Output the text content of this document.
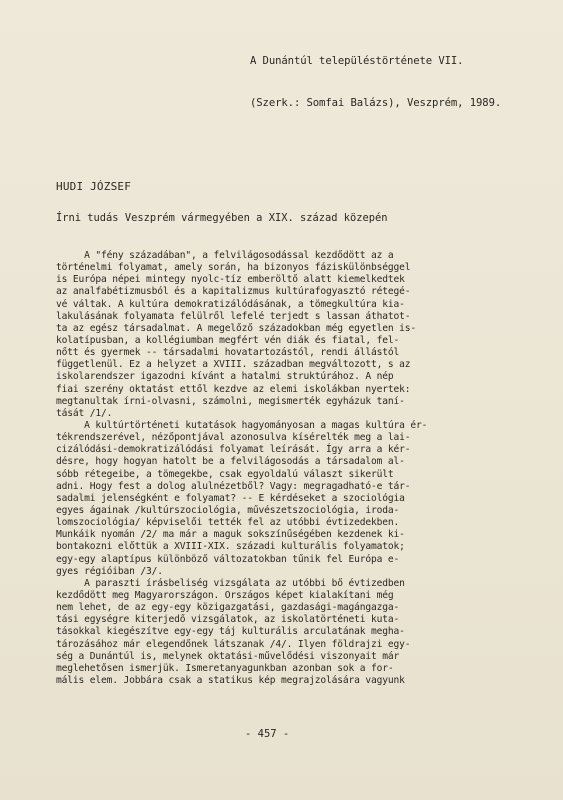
A Dunántúl településtörténete VII.

(Szerk.: Somfai Balázs), Veszprém, 1989.

HUDI JÓZSEF
Írni tudás Veszprém vármegyében a XIX. század közepén
A "fény századában", a felvilágosodással kezdődött az a
történelmi folyamat, amely során, ha bizonyos fáziskülönbséggel
is Európa népei mintegy nyolc-tíz emberöltő alatt kiemelkedtek
az analfabétizmusból és a kapitalizmus kultúrafogyasztó rétegé-
vé váltak. A kultúra demokratizálódásának, a tömegkultúra kia-
lakulásának folyamata felülről lefelé terjedt s lassan áthatot-
ta az egész társadalmat. A megelőző századokban még egyetlen is-
kolatípusban, a kollégiumban megfért vén diák és fiatal, fel-
nőtt és gyermek -- társadalmi hovatartozástól, rendi állástól
függetlenül. Ez a helyzet a XVIII. században megváltozott, s az
iskolarendszer igazodni kívánt a hatalmi struktúrához. A nép
fiai szerény oktatást ettől kezdve az elemi iskolákban nyertek:
megtanultak írni-olvasni, számolni, megismerték egyházuk taní-
tását /1/.
A kultúrtörténeti kutatások hagyományosan a magas kultúra ér-
tékrendszerével, nézőpontjával azonosulva kísérelték meg a lai-
cizálódási-demokratizálódási folyamat leírását. Így arra a kér-
désre, hogy hogyan hatolt be a felvilágosodás a társadalom al-
sóbb rétegeibe, a tömegekbe, csak egyoldalú választ sikerült
adni. Hogy fest a dolog alulnézetből? Vagy: megragadható-e tár-
sadalmi jelenségként e folyamat? -- E kérdéseket a szociológia
egyes ágainak /kultúrszociológia, művészetszociológia, iroda-
lomszociológia/ képviselői tették fel az utóbbi évtizedekben.
Munkáik nyomán /2/ ma már a maguk sokszínűségében kezdenek ki-
bontakozni előttük a XVIII-XIX. századi kulturális folyamatok;
egy-egy alaptípus különböző változatokban tűnik fel Európa e-
gyes régióiban /3/.
A paraszti írásbeliség vizsgálata az utóbbi bő évtizedben
kezdődött meg Magyarországon. Országos képet kialakítani még
nem lehet, de az egy-egy közigazgatási, gazdasági-magángazga-
tási egységre kiterjedő vizsgálatok, az iskolatörténeti kuta-
tásokkal kiegészítve egy-egy táj kulturális arculatának megha-
tározásához már elegendőnek látszanak /4/. Ilyen földrajzi egy-
ség a Dunántúl is, melynek oktatási-művelődési viszonyait már
meglehetősen ismerjük. Ismeretanyagunkban azonban sok a for-
mális elem. Jobbára csak a statikus kép megrajzolására vagyunk
- 457 -
